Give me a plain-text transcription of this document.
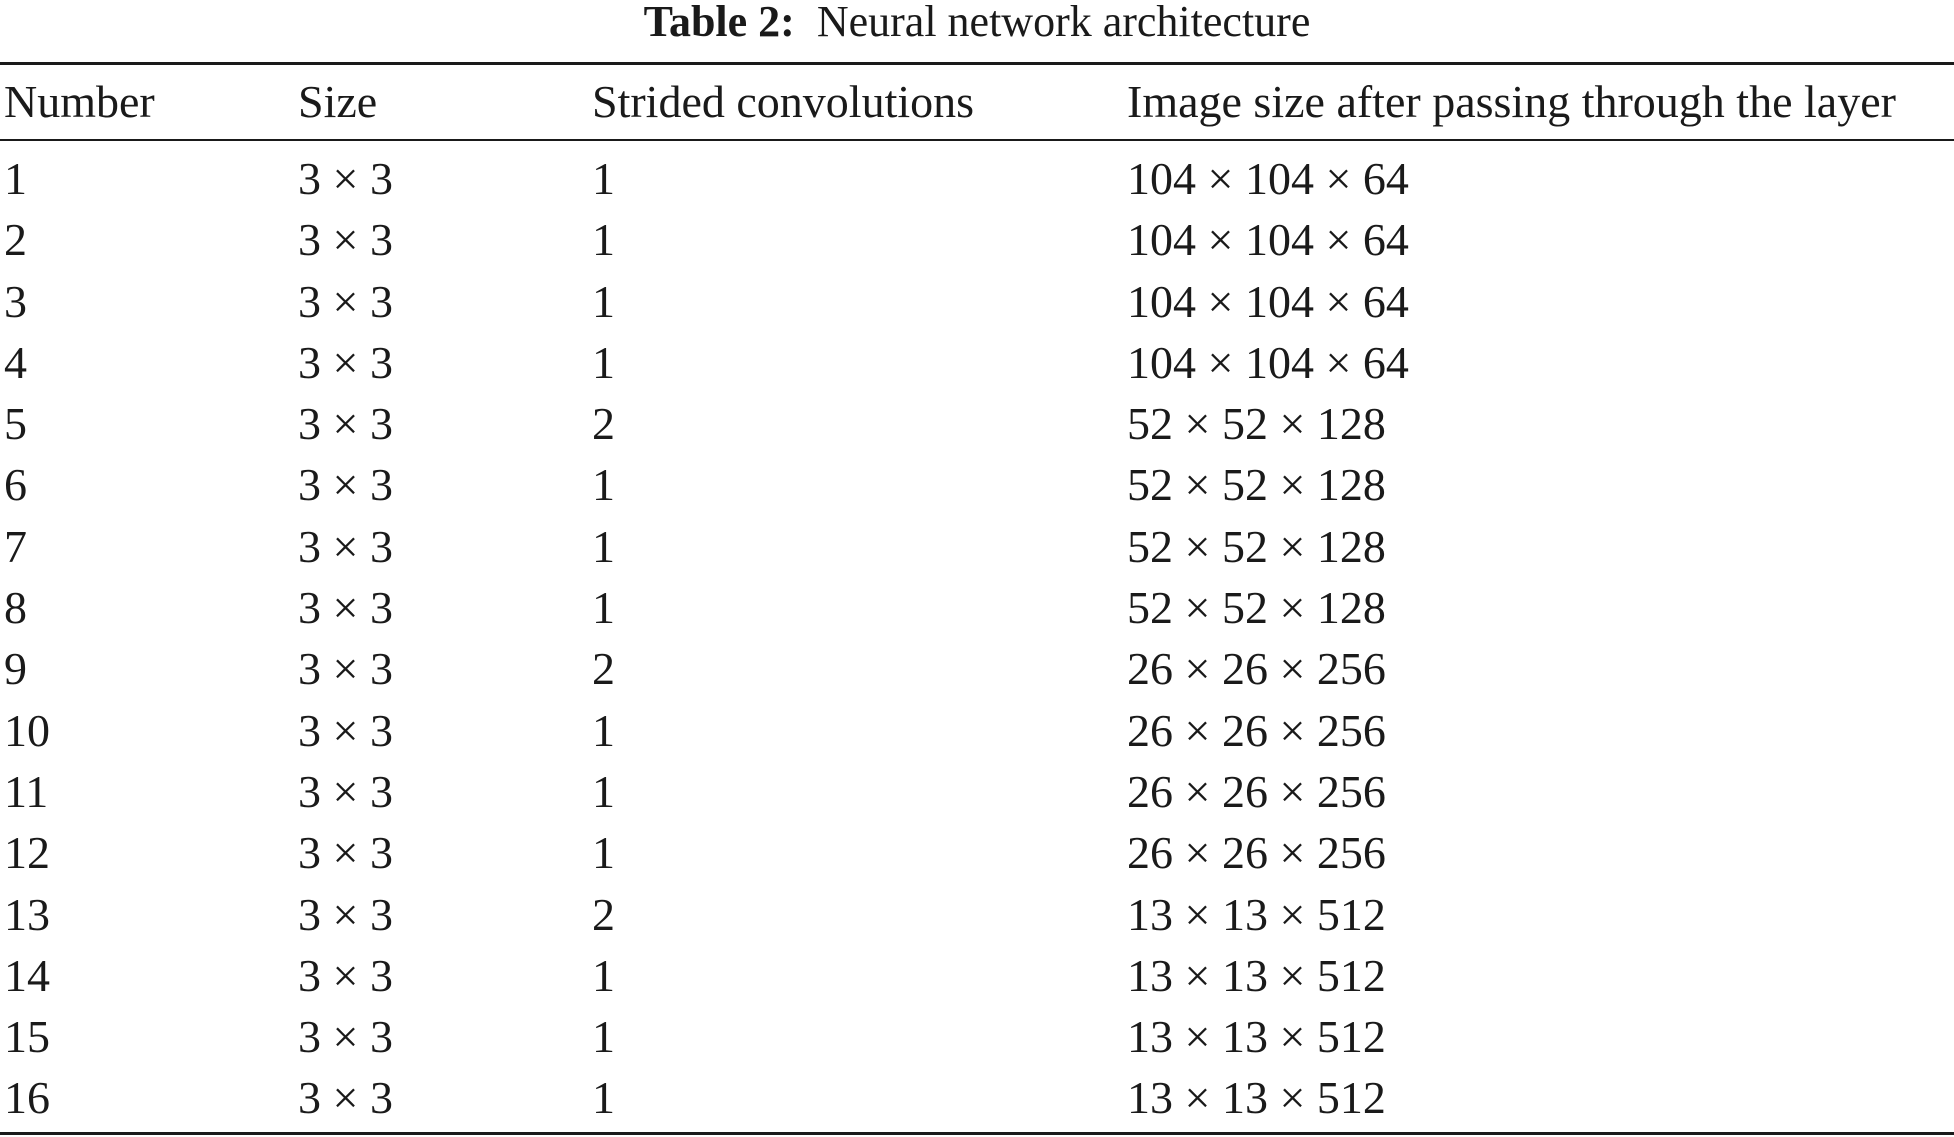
Table 2: Neural network architecture
Number	Size	Strided convolutions	Image size after passing through the layer
1	3 × 3	1	104 × 104 × 64
2	3 × 3	1	104 × 104 × 64
3	3 × 3	1	104 × 104 × 64
4	3 × 3	1	104 × 104 × 64
5	3 × 3	2	52 × 52 × 128
6	3 × 3	1	52 × 52 × 128
7	3 × 3	1	52 × 52 × 128
8	3 × 3	1	52 × 52 × 128
9	3 × 3	2	26 × 26 × 256
10	3 × 3	1	26 × 26 × 256
11	3 × 3	1	26 × 26 × 256
12	3 × 3	1	26 × 26 × 256
13	3 × 3	2	13 × 13 × 512
14	3 × 3	1	13 × 13 × 512
15	3 × 3	1	13 × 13 × 512
16	3 × 3	1	13 × 13 × 512
